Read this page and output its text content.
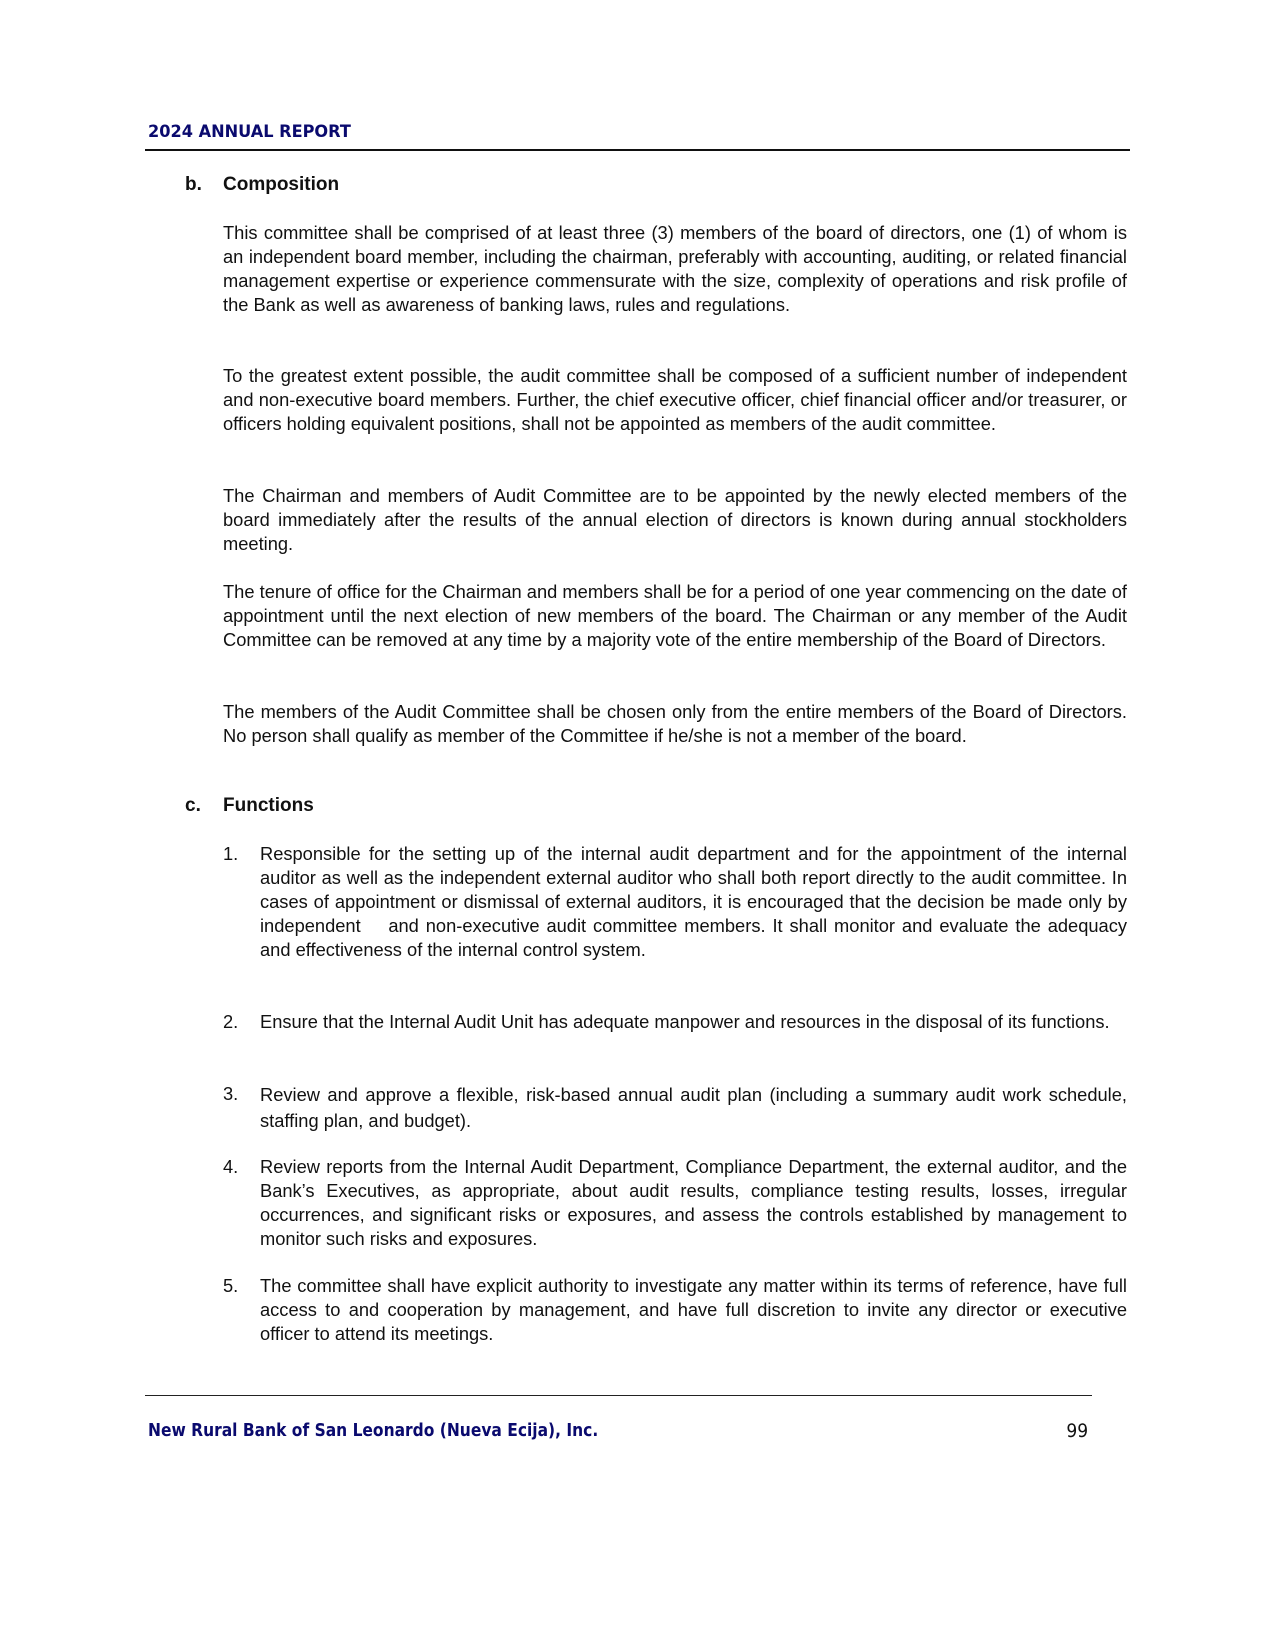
2024 ANNUAL REPORT
b.	Composition

This committee shall be comprised of at least three (3) members of the board of directors, one (1) of whom is an independent board member, including the chairman, preferably with accounting, auditing, or related financial management expertise or experience commensurate with the size, complexity of operations and risk profile of the Bank as well as awareness of banking laws, rules and regulations.

To the greatest extent possible, the audit committee shall be composed of a sufficient number of independent and non-executive board members. Further, the chief executive officer, chief financial officer and/or treasurer, or officers holding equivalent positions, shall not be appointed as members of the audit committee.

The Chairman and members of Audit Committee are to be appointed by the newly elected members of the board immediately after the results of the annual election of directors is known during annual stockholders meeting.

The tenure of office for the Chairman and members shall be for a period of one year commencing on the date of appointment until the next election of new members of the board. The Chairman or any member of the Audit Committee can be removed at any time by a majority vote of the entire membership of the Board of Directors.

The members of the Audit Committee shall be chosen only from the entire members of the Board of Directors. No person shall qualify as member of the Committee if he/she is not a member of the board.

c.	Functions
1. Responsible for the setting up of the internal audit department and for the appointment of the internal auditor as well as the independent external auditor who shall both report directly to the audit committee. In cases of appointment or dismissal of external auditors, it is encouraged that the decision be made only by independent    and non-executive audit committee members. It shall monitor and evaluate the adequacy and effectiveness of the internal control system.
2. Ensure that the Internal Audit Unit has adequate manpower and resources in the disposal of its functions.
3. Review and approve a flexible, risk-based annual audit plan (including a summary audit work schedule, staffing plan, and budget).
4. Review reports from the Internal Audit Department, Compliance Department, the external auditor, and the Bank’s Executives, as appropriate, about audit results, compliance testing results, losses, irregular occurrences, and significant risks or exposures, and assess the controls established by management to monitor such risks and exposures.
5. The committee shall have explicit authority to investigate any matter within its terms of reference, have full access to and cooperation by management, and have full discretion to invite any director or executive officer to attend its meetings.
New Rural Bank of San Leonardo (Nueva Ecija), Inc.	99
